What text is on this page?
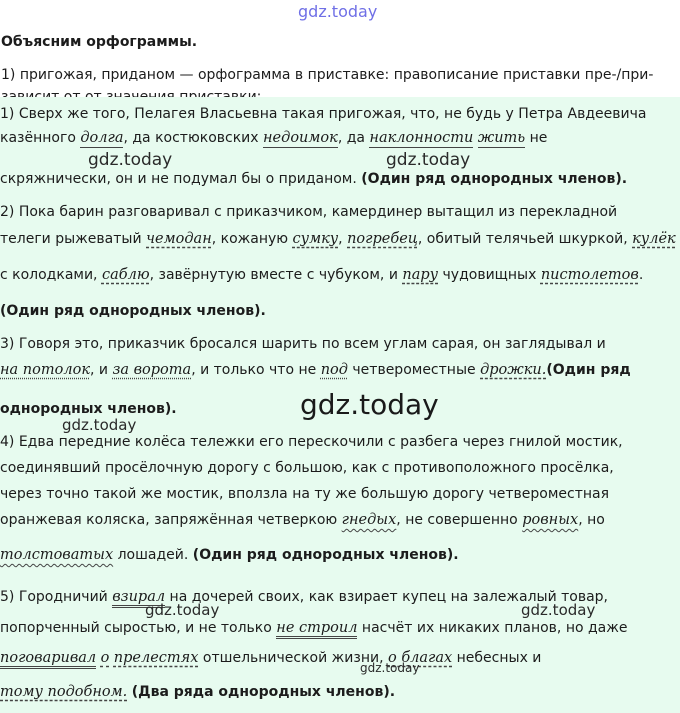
gdz.today
Объясним орфограммы.
1) пригожая, приданом — орфограмма в приставке: правописание приставки пре-/при-
1) Сверх же того, Пелагея Власьевна такая пригожая, что, не будь у Петра Авдеевича
казённого долга, да костюковских недоимок, да наклонности жить не
скряжнически, он и не подумал бы о приданом. (Один ряд однородных членов).
2) Пока барин разговаривал с приказчиком, камердинер вытащил из перекладной
телеги рыжеватый чемодан, кожаную сумку, погребец, обитый телячьей шкуркой, кулёк
с колодками, саблю, завёрнутую вместе с чубуком, и пару чудовищных пистолетов.
(Один ряд однородных членов).
3) Говоря это, приказчик бросался шарить по всем углам сарая, он заглядывал и
на потолок, и за ворота, и только что не под четвероместные дрожки.(Один ряд
однородных членов).
4) Едва передние колёса тележки его перескочили с разбега через гнилой мостик,
соединявший просёлочную дорогу с большою, как с противоположного просёлка,
через точно такой же мостик, вползла на ту же большую дорогу четвероместная
оранжевая коляска, запряжённая четверкою гнедых, не совершенно ровных, но
толстоватых лошадей. (Один ряд однородных членов).
5) Городничий взирал на дочерей своих, как взирает купец на залежалый товар,
попорченный сыростью, и не только не строил насчёт их никаких планов, но даже
поговаривал о прелестях отшельнической жизни, о благах небесных и
тому подобном. (Два ряда однородных членов).
gdz.today	gdz.today
gdz.today
gdz.today
gdz.today	gdz.today
gdz.today
